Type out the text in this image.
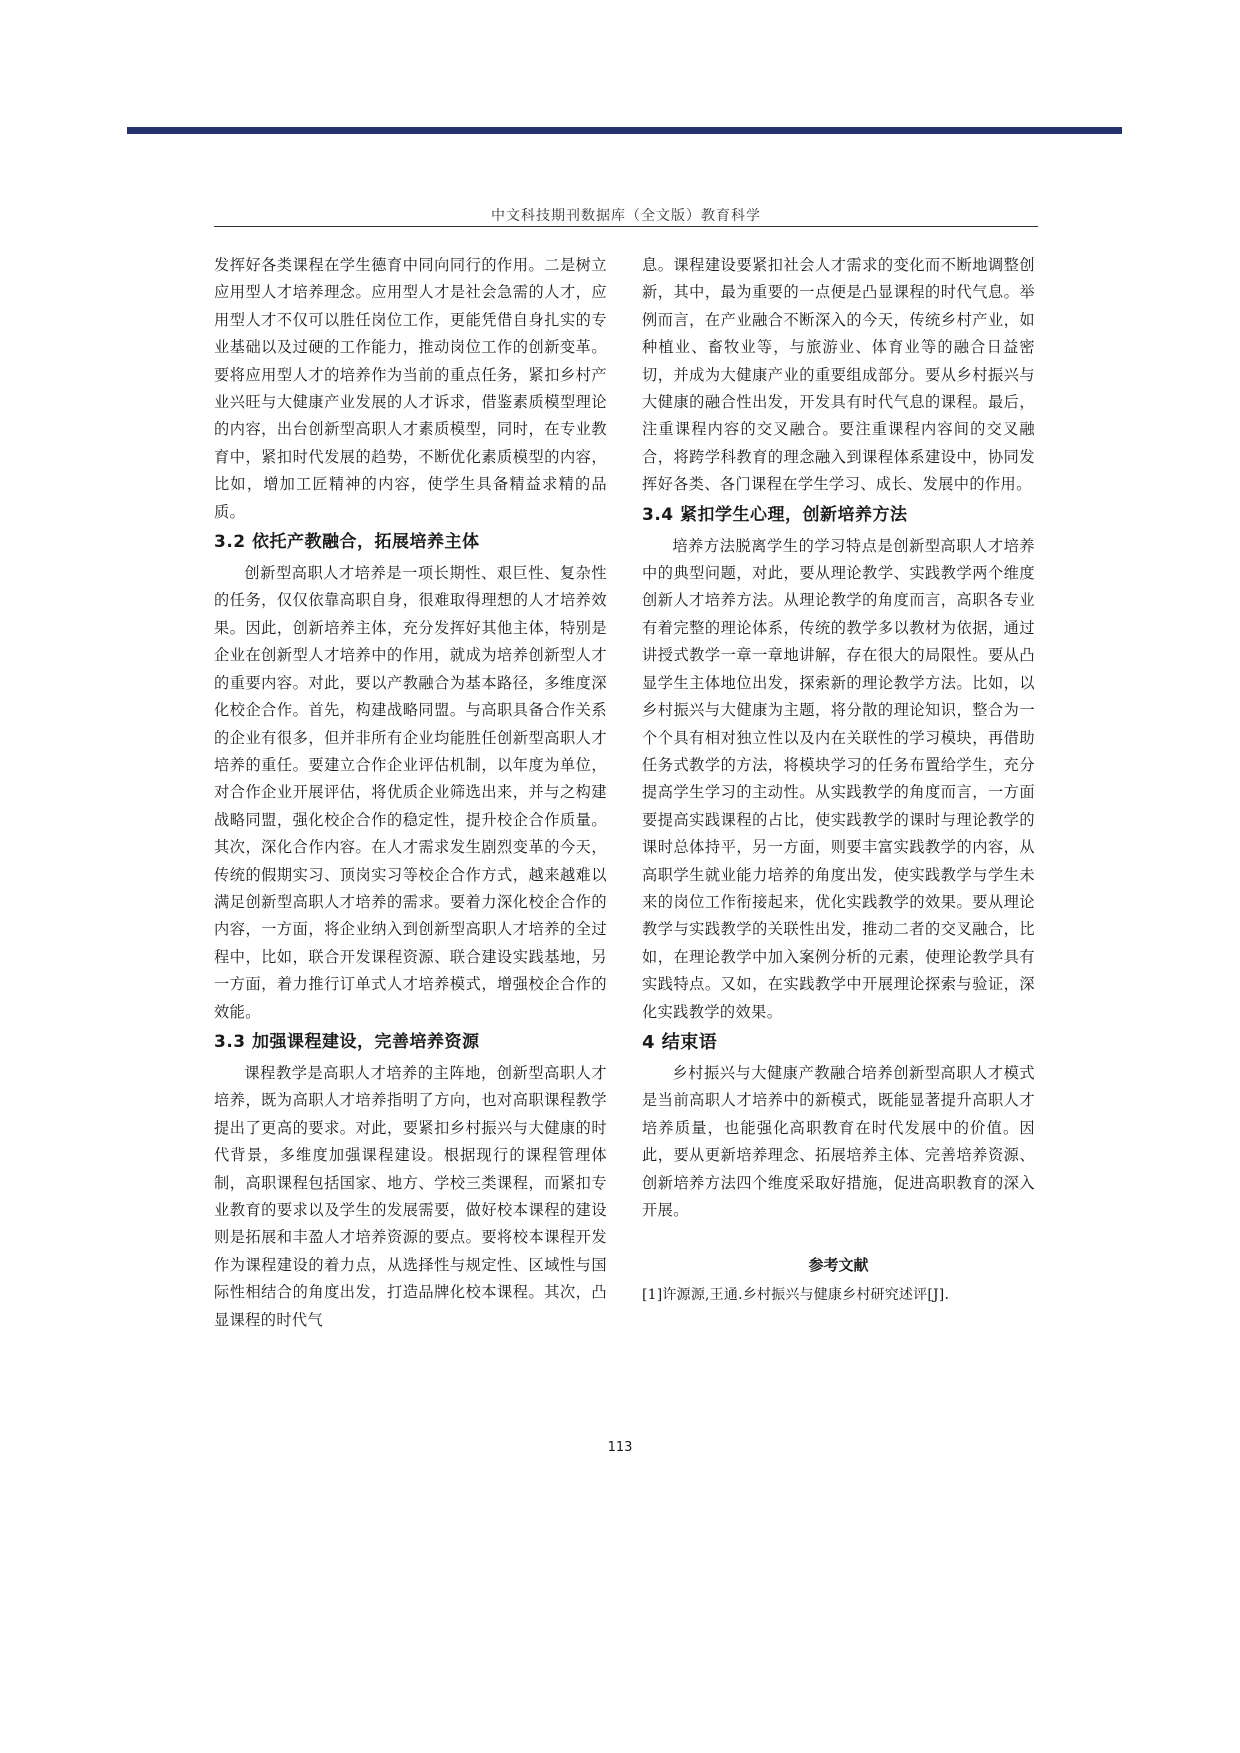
中文科技期刊数据库（全文版）教育科学

发挥好各类课程在学生德育中同向同行的作用。二是树立应用型人才培养理念。应用型人才是社会急需的人才，应用型人才不仅可以胜任岗位工作，更能凭借自身扎实的专业基础以及过硬的工作能力，推动岗位工作的创新变革。要将应用型人才的培养作为当前的重点任务，紧扣乡村产业兴旺与大健康产业发展的人才诉求，借鉴素质模型理论的内容，出台创新型高职人才素质模型，同时，在专业教育中，紧扣时代发展的趋势，不断优化素质模型的内容，比如，增加工匠精神的内容，使学生具备精益求精的品质。

3.2 依托产教融合，拓展培养主体

创新型高职人才培养是一项长期性、艰巨性、复杂性的任务，仅仅依靠高职自身，很难取得理想的人才培养效果。因此，创新培养主体，充分发挥好其他主体，特别是企业在创新型人才培养中的作用，就成为培养创新型人才的重要内容。对此，要以产教融合为基本路径，多维度深化校企合作。首先，构建战略同盟。与高职具备合作关系的企业有很多，但并非所有企业均能胜任创新型高职人才培养的重任。要建立合作企业评估机制，以年度为单位，对合作企业开展评估，将优质企业筛选出来，并与之构建战略同盟，强化校企合作的稳定性，提升校企合作质量。其次，深化合作内容。在人才需求发生剧烈变革的今天，传统的假期实习、顶岗实习等校企合作方式，越来越难以满足创新型高职人才培养的需求。要着力深化校企合作的内容，一方面，将企业纳入到创新型高职人才培养的全过程中，比如，联合开发课程资源、联合建设实践基地，另一方面，着力推行订单式人才培养模式，增强校企合作的效能。

3.3 加强课程建设，完善培养资源

课程教学是高职人才培养的主阵地，创新型高职人才培养，既为高职人才培养指明了方向，也对高职课程教学提出了更高的要求。对此，要紧扣乡村振兴与大健康的时代背景，多维度加强课程建设。根据现行的课程管理体制，高职课程包括国家、地方、学校三类课程，而紧扣专业教育的要求以及学生的发展需要，做好校本课程的建设则是拓展和丰盈人才培养资源的要点。要将校本课程开发作为课程建设的着力点，从选择性与规定性、区域性与国际性相结合的角度出发，打造品牌化校本课程。其次，凸显课程的时代气

息。课程建设要紧扣社会人才需求的变化而不断地调整创新，其中，最为重要的一点便是凸显课程的时代气息。举例而言，在产业融合不断深入的今天，传统乡村产业，如种植业、畜牧业等，与旅游业、体育业等的融合日益密切，并成为大健康产业的重要组成部分。要从乡村振兴与大健康的融合性出发，开发具有时代气息的课程。最后，注重课程内容的交叉融合。要注重课程内容间的交叉融合，将跨学科教育的理念融入到课程体系建设中，协同发挥好各类、各门课程在学生学习、成长、发展中的作用。

3.4 紧扣学生心理，创新培养方法

培养方法脱离学生的学习特点是创新型高职人才培养中的典型问题，对此，要从理论教学、实践教学两个维度创新人才培养方法。从理论教学的角度而言，高职各专业有着完整的理论体系，传统的教学多以教材为依据，通过讲授式教学一章一章地讲解，存在很大的局限性。要从凸显学生主体地位出发，探索新的理论教学方法。比如，以乡村振兴与大健康为主题，将分散的理论知识，整合为一个个具有相对独立性以及内在关联性的学习模块，再借助任务式教学的方法，将模块学习的任务布置给学生，充分提高学生学习的主动性。从实践教学的角度而言，一方面要提高实践课程的占比，使实践教学的课时与理论教学的课时总体持平，另一方面，则要丰富实践教学的内容，从高职学生就业能力培养的角度出发，使实践教学与学生未来的岗位工作衔接起来，优化实践教学的效果。要从理论教学与实践教学的关联性出发，推动二者的交叉融合，比如，在理论教学中加入案例分析的元素，使理论教学具有实践特点。又如，在实践教学中开展理论探索与验证，深化实践教学的效果。

4 结束语

乡村振兴与大健康产教融合培养创新型高职人才模式是当前高职人才培养中的新模式，既能显著提升高职人才培养质量，也能强化高职教育在时代发展中的价值。因此，要从更新培养理念、拓展培养主体、完善培养资源、创新培养方法四个维度采取好措施，促进高职教育的深入开展。

参考文献

[1]许源源,王通.乡村振兴与健康乡村研究述评[J].

113
